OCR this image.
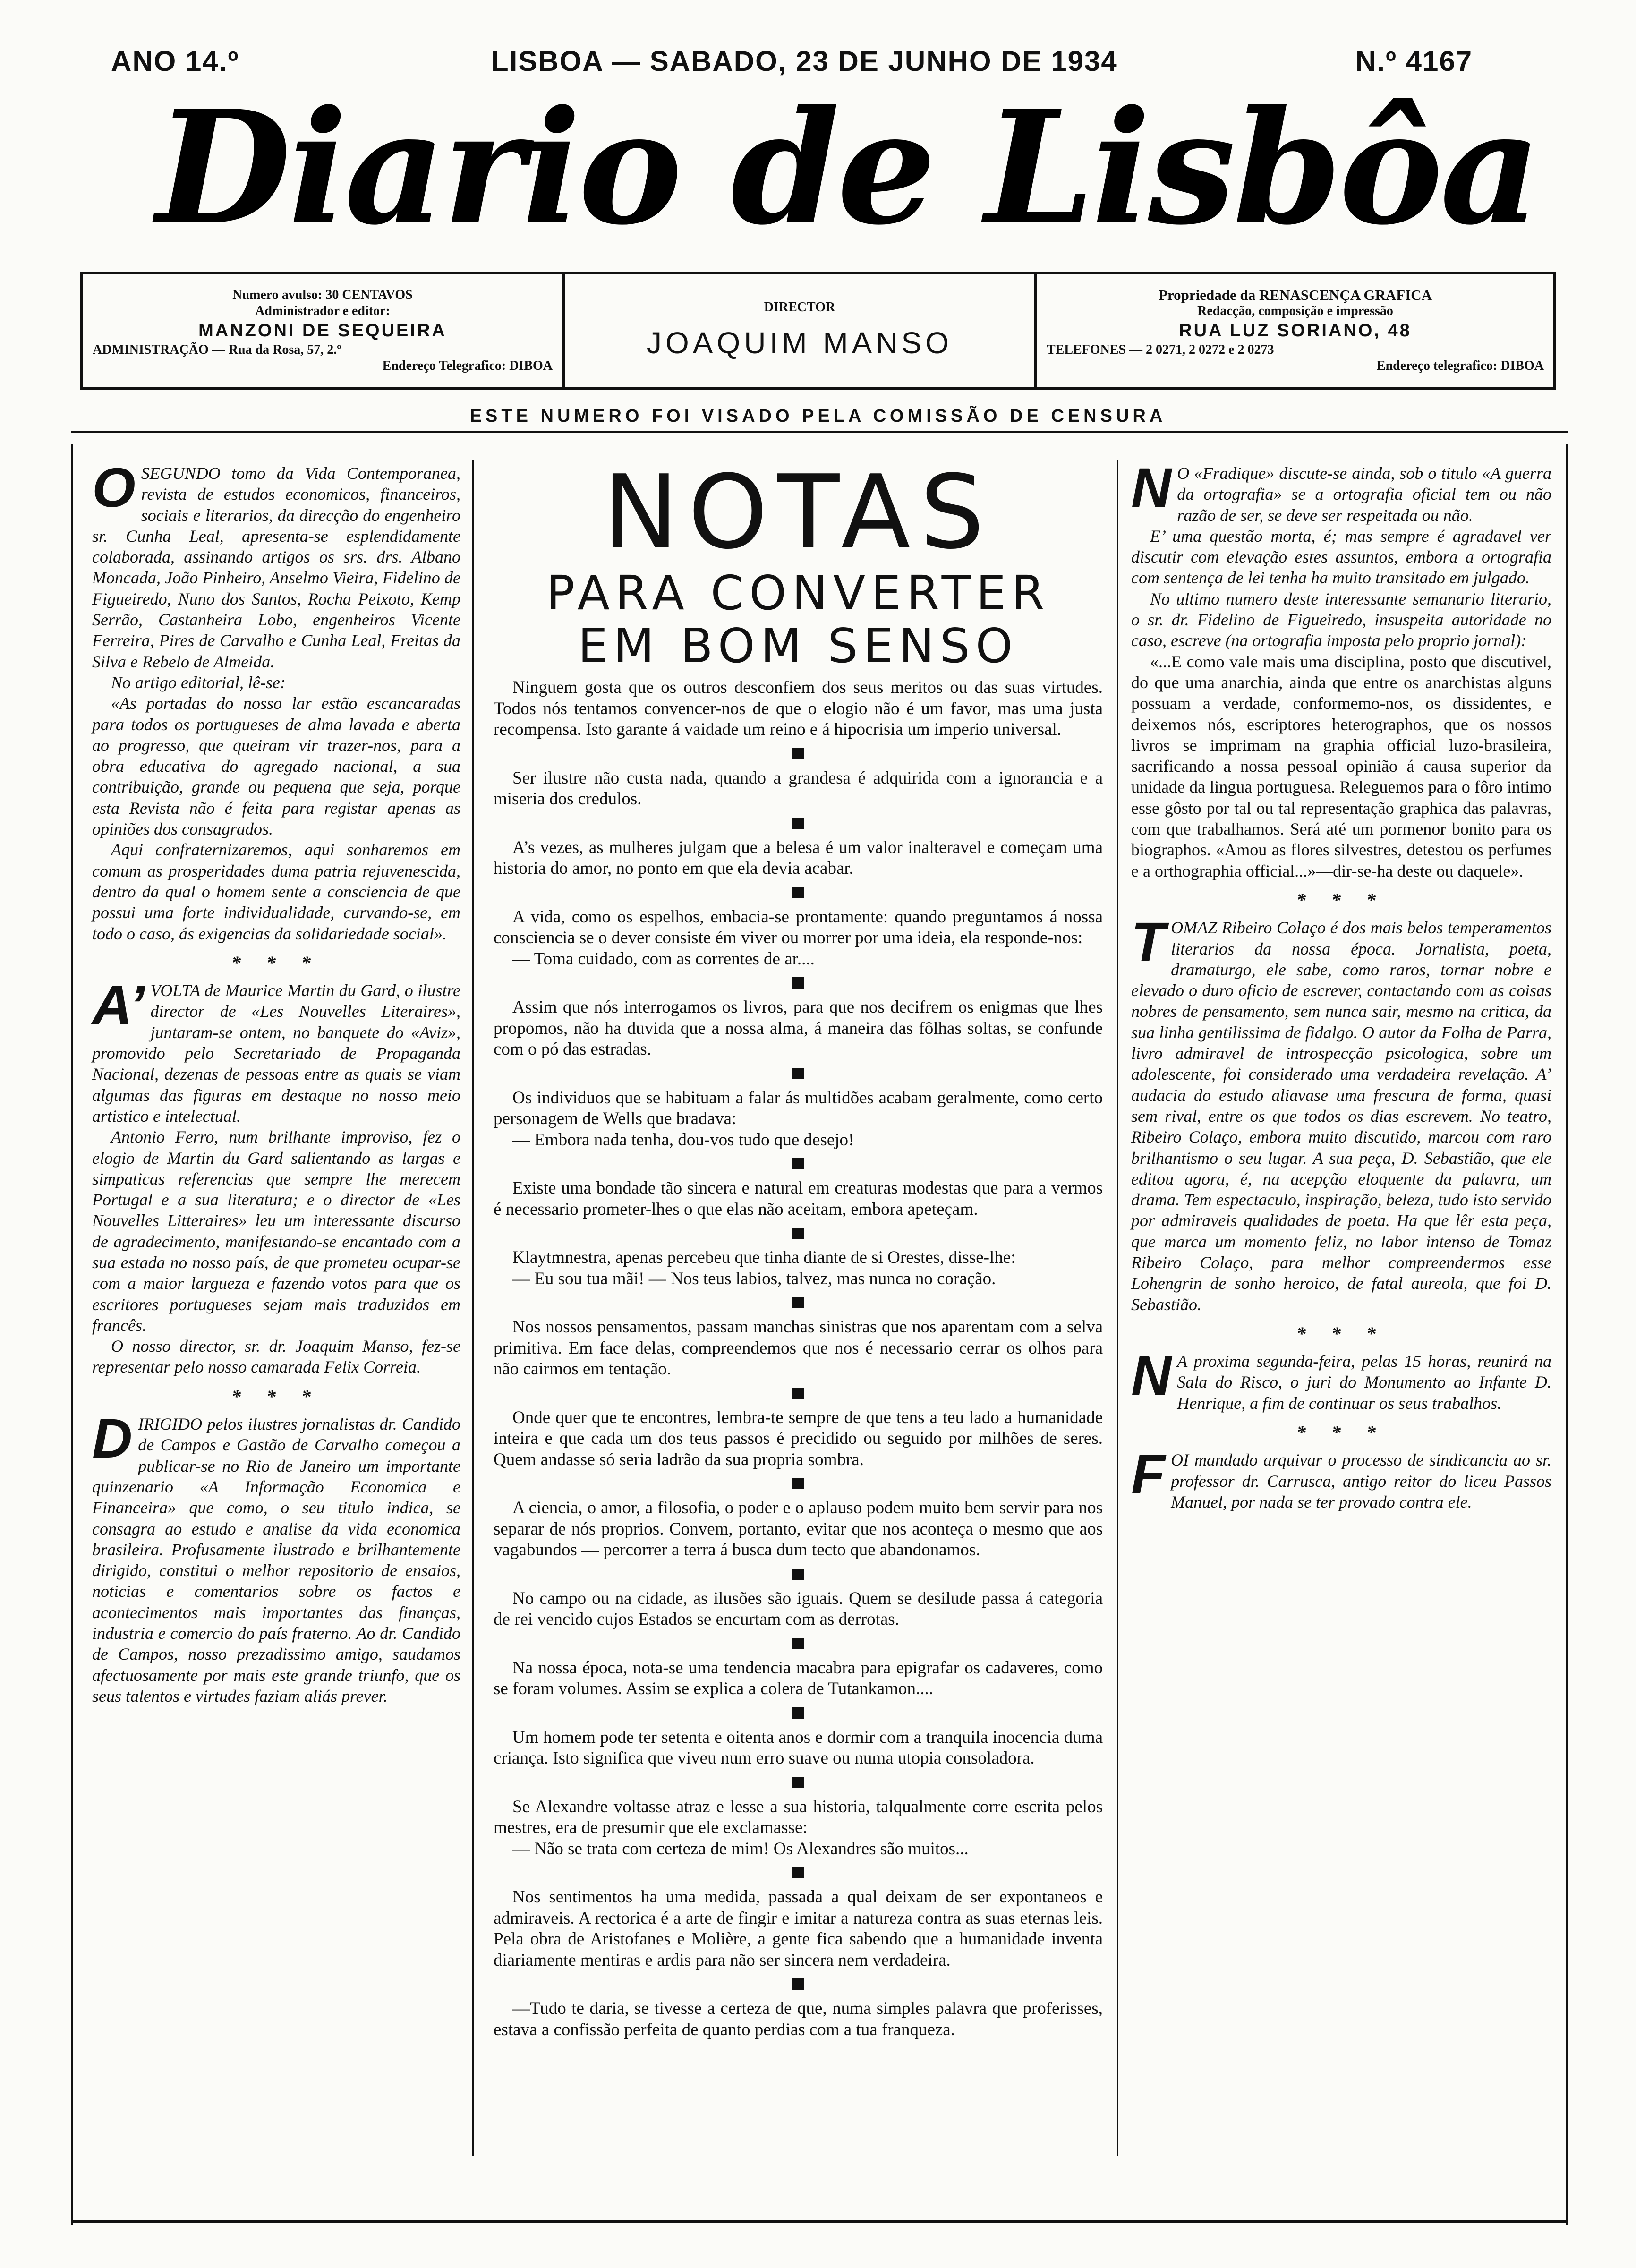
ANO 14.º	LISBOA — SABADO, 23 DE JUNHO DE 1934	N.º 4167
Diario de Lisbôa
Numero avulso: 30 CENTAVOS
Administrador e editor:
MANZONI DE SEQUEIRA
ADMINISTRAÇÃO — Rua da Rosa, 57, 2.º
Endereço Telegrafico: DIBOA
DIRECTOR
JOAQUIM MANSO
Propriedade da RENASCENÇA GRAFICA
Redacção, composição e impressão
RUA LUZ SORIANO, 48
TELEFONES — 2 0271, 2 0272 e 2 0273
Endereço telegrafico: DIBOA
ESTE NUMERO FOI VISADO PELA COMISSÃO DE CENSURA
O SEGUNDO tomo da Vida Contemporanea, revista de estudos economicos, financeiros, sociais e literarios, da direcção do engenheiro sr. Cunha Leal, apresenta-se esplendidamente colaborada, assinando artigos os srs. drs. Albano Moncada, João Pinheiro, Anselmo Vieira, Fidelino de Figueiredo, Nuno dos Santos, Rocha Peixoto, Kemp Serrão, Castanheira Lobo, engenheiros Vicente Ferreira, Pires de Carvalho e Cunha Leal, Freitas da Silva e Rebelo de Almeida.

No artigo editorial, lê-se:

«As portadas do nosso lar estão escancaradas para todos os portugueses de alma lavada e aberta ao progresso, que queiram vir trazer-nos, para a obra educativa do agregado nacional, a sua contribuição, grande ou pequena que seja, porque esta Revista não é feita para registar apenas as opiniões dos consagrados.

Aqui confraternizaremos, aqui sonharemos em comum as prosperidades duma patria rejuvenescida, dentro da qual o homem sente a consciencia de que possui uma forte individualidade, curvando-se, em todo o caso, ás exigencias da solidariedade social».

* * *
A’ VOLTA de Maurice Martin du Gard, o ilustre director de «Les Nouvelles Literaires», juntaram-se ontem, no banquete do «Aviz», promovido pelo Secretariado de Propaganda Nacional, dezenas de pessoas entre as quais se viam algumas das figuras em destaque no nosso meio artistico e intelectual.

Antonio Ferro, num brilhante improviso, fez o elogio de Martin du Gard salientando as largas e simpaticas referencias que sempre lhe merecem Portugal e a sua literatura; e o director de «Les Nouvelles Litteraires» leu um interessante discurso de agradecimento, manifestando-se encantado com a sua estada no nosso país, de que prometeu ocupar-se com a maior largueza e fazendo votos para que os escritores portugueses sejam mais traduzidos em francês.

O nosso director, sr. dr. Joaquim Manso, fez-se representar pelo nosso camarada Felix Correia.

* * *
D IRIGIDO pelos ilustres jornalistas dr. Candido de Campos e Gastão de Carvalho começou a publicar-se no Rio de Janeiro um importante quinzenario «A Informação Economica e Financeira» que como, o seu titulo indica, se consagra ao estudo e analise da vida economica brasileira. Profusamente ilustrado e brilhantemente dirigido, constitui o melhor repositorio de ensaios, noticias e comentarios sobre os factos e acontecimentos mais importantes das finanças, industria e comercio do país fraterno. Ao dr. Candido de Campos, nosso prezadissimo amigo, saudamos afectuosamente por mais este grande triunfo, que os seus talentos e virtudes faziam aliás prever.

NOTAS
PARA CONVERTER
EM BOM SENSO

Ninguem gosta que os outros desconfiem dos seus meritos ou das suas virtudes. Todos nós tentamos convencer-nos de que o elogio não é um favor, mas uma justa recompensa. Isto garante á vaidade um reino e á hipocrisia um imperio universal.

Ser ilustre não custa nada, quando a grandesa é adquirida com a ignorancia e a miseria dos credulos.

A’s vezes, as mulheres julgam que a belesa é um valor inalteravel e começam uma historia do amor, no ponto em que ela devia acabar.

A vida, como os espelhos, embacia-se prontamente: quando preguntamos á nossa consciencia se o dever consiste ém viver ou morrer por uma ideia, ela responde-nos:

— Toma cuidado, com as correntes de ar....

Assim que nós interrogamos os livros, para que nos decifrem os enigmas que lhes propomos, não ha duvida que a nossa alma, á maneira das fôlhas soltas, se confunde com o pó das estradas.

Os individuos que se habituam a falar ás multidões acabam geralmente, como certo personagem de Wells que bradava:

— Embora nada tenha, dou-vos tudo que desejo!

Existe uma bondade tão sincera e natural em creaturas modestas que para a vermos é necessario prometer-lhes o que elas não aceitam, embora apeteçam.

Klaytmnestra, apenas percebeu que tinha diante de si Orestes, disse-lhe:

— Eu sou tua mãi! — Nos teus labios, talvez, mas nunca no coração.

Nos nossos pensamentos, passam manchas sinistras que nos aparentam com a selva primitiva. Em face delas, compreendemos que nos é necessario cerrar os olhos para não cairmos em tentação.

Onde quer que te encontres, lembra-te sempre de que tens a teu lado a humanidade inteira e que cada um dos teus passos é precidido ou seguido por milhões de seres. Quem andasse só seria ladrão da sua propria sombra.

A ciencia, o amor, a filosofia, o poder e o aplauso podem muito bem servir para nos separar de nós proprios. Convem, portanto, evitar que nos aconteça o mesmo que aos vagabundos — percorrer a terra á busca dum tecto que abandonamos.

No campo ou na cidade, as ilusões são iguais. Quem se desilude passa á categoria de rei vencido cujos Estados se encurtam com as derrotas.

Na nossa época, nota-se uma tendencia macabra para epigrafar os cadaveres, como se foram volumes. Assim se explica a colera de Tutankamon....

Um homem pode ter setenta e oitenta anos e dormir com a tranquila inocencia duma criança. Isto significa que viveu num erro suave ou numa utopia consoladora.

Se Alexandre voltasse atraz e lesse a sua historia, talqualmente corre escrita pelos mestres, era de presumir que ele exclamasse:

— Não se trata com certeza de mim! Os Alexandres são muitos...

Nos sentimentos ha uma medida, passada a qual deixam de ser expontaneos e admiraveis. A rectorica é a arte de fingir e imitar a natureza contra as suas eternas leis. Pela obra de Aristofanes e Molière, a gente fica sabendo que a humanidade inventa diariamente mentiras e ardis para não ser sincera nem verdadeira.

—Tudo te daria, se tivesse a certeza de que, numa simples palavra que proferisses, estava a confissão perfeita de quanto perdias com a tua franqueza.

N O «Fradique» discute-se ainda, sob o titulo «A guerra da ortografia» se a ortografia oficial tem ou não razão de ser, se deve ser respeitada ou não.

E’ uma questão morta, é; mas sempre é agradavel ver discutir com elevação estes assuntos, embora a ortografia com sentença de lei tenha ha muito transitado em julgado.

No ultimo numero deste interessante semanario literario, o sr. dr. Fidelino de Figueiredo, insuspeita autoridade no caso, escreve (na ortografia imposta pelo proprio jornal):

«...E como vale mais uma disciplina, posto que discutivel, do que uma anarchia, ainda que entre os anarchistas alguns possuam a verdade, conformemo-nos, os dissidentes, e deixemos nós, escriptores heterographos, que os nossos livros se imprimam na graphia official luzo-brasileira, sacrificando a nossa pessoal opinião á causa superior da unidade da lingua portuguesa. Releguemos para o fôro intimo esse gôsto por tal ou tal representação graphica das palavras, com que trabalhamos. Será até um pormenor bonito para os biographos. «Amou as flores silvestres, detestou os perfumes e a orthographia official...»—dir-se-ha deste ou daquele».

* * *
T OMAZ Ribeiro Colaço é dos mais belos temperamentos literarios da nossa época. Jornalista, poeta, dramaturgo, ele sabe, como raros, tornar nobre e elevado o duro oficio de escrever, contactando com as coisas nobres de pensamento, sem nunca sair, mesmo na critica, da sua linha gentilissima de fidalgo. O autor da Folha de Parra, livro admiravel de introspecção psicologica, sobre um adolescente, foi considerado uma verdadeira revelação. A’ audacia do estudo aliavase uma frescura de forma, quasi sem rival, entre os que todos os dias escrevem. No teatro, Ribeiro Colaço, embora muito discutido, marcou com raro brilhantismo o seu lugar. A sua peça, D. Sebastião, que ele editou agora, é, na acepção eloquente da palavra, um drama. Tem espectaculo, inspiração, beleza, tudo isto servido por admiraveis qualidades de poeta. Ha que lêr esta peça, que marca um momento feliz, no labor intenso de Tomaz Ribeiro Colaço, para melhor compreendermos esse Lohengrin de sonho heroico, de fatal aureola, que foi D. Sebastião.

* * *
N A proxima segunda-feira, pelas 15 horas, reunirá na Sala do Risco, o juri do Monumento ao Infante D. Henrique, a fim de continuar os seus trabalhos.

* * *
F OI mandado arquivar o processo de sindicancia ao sr. professor dr. Carrusca, antigo reitor do liceu Passos Manuel, por nada se ter provado contra ele.
